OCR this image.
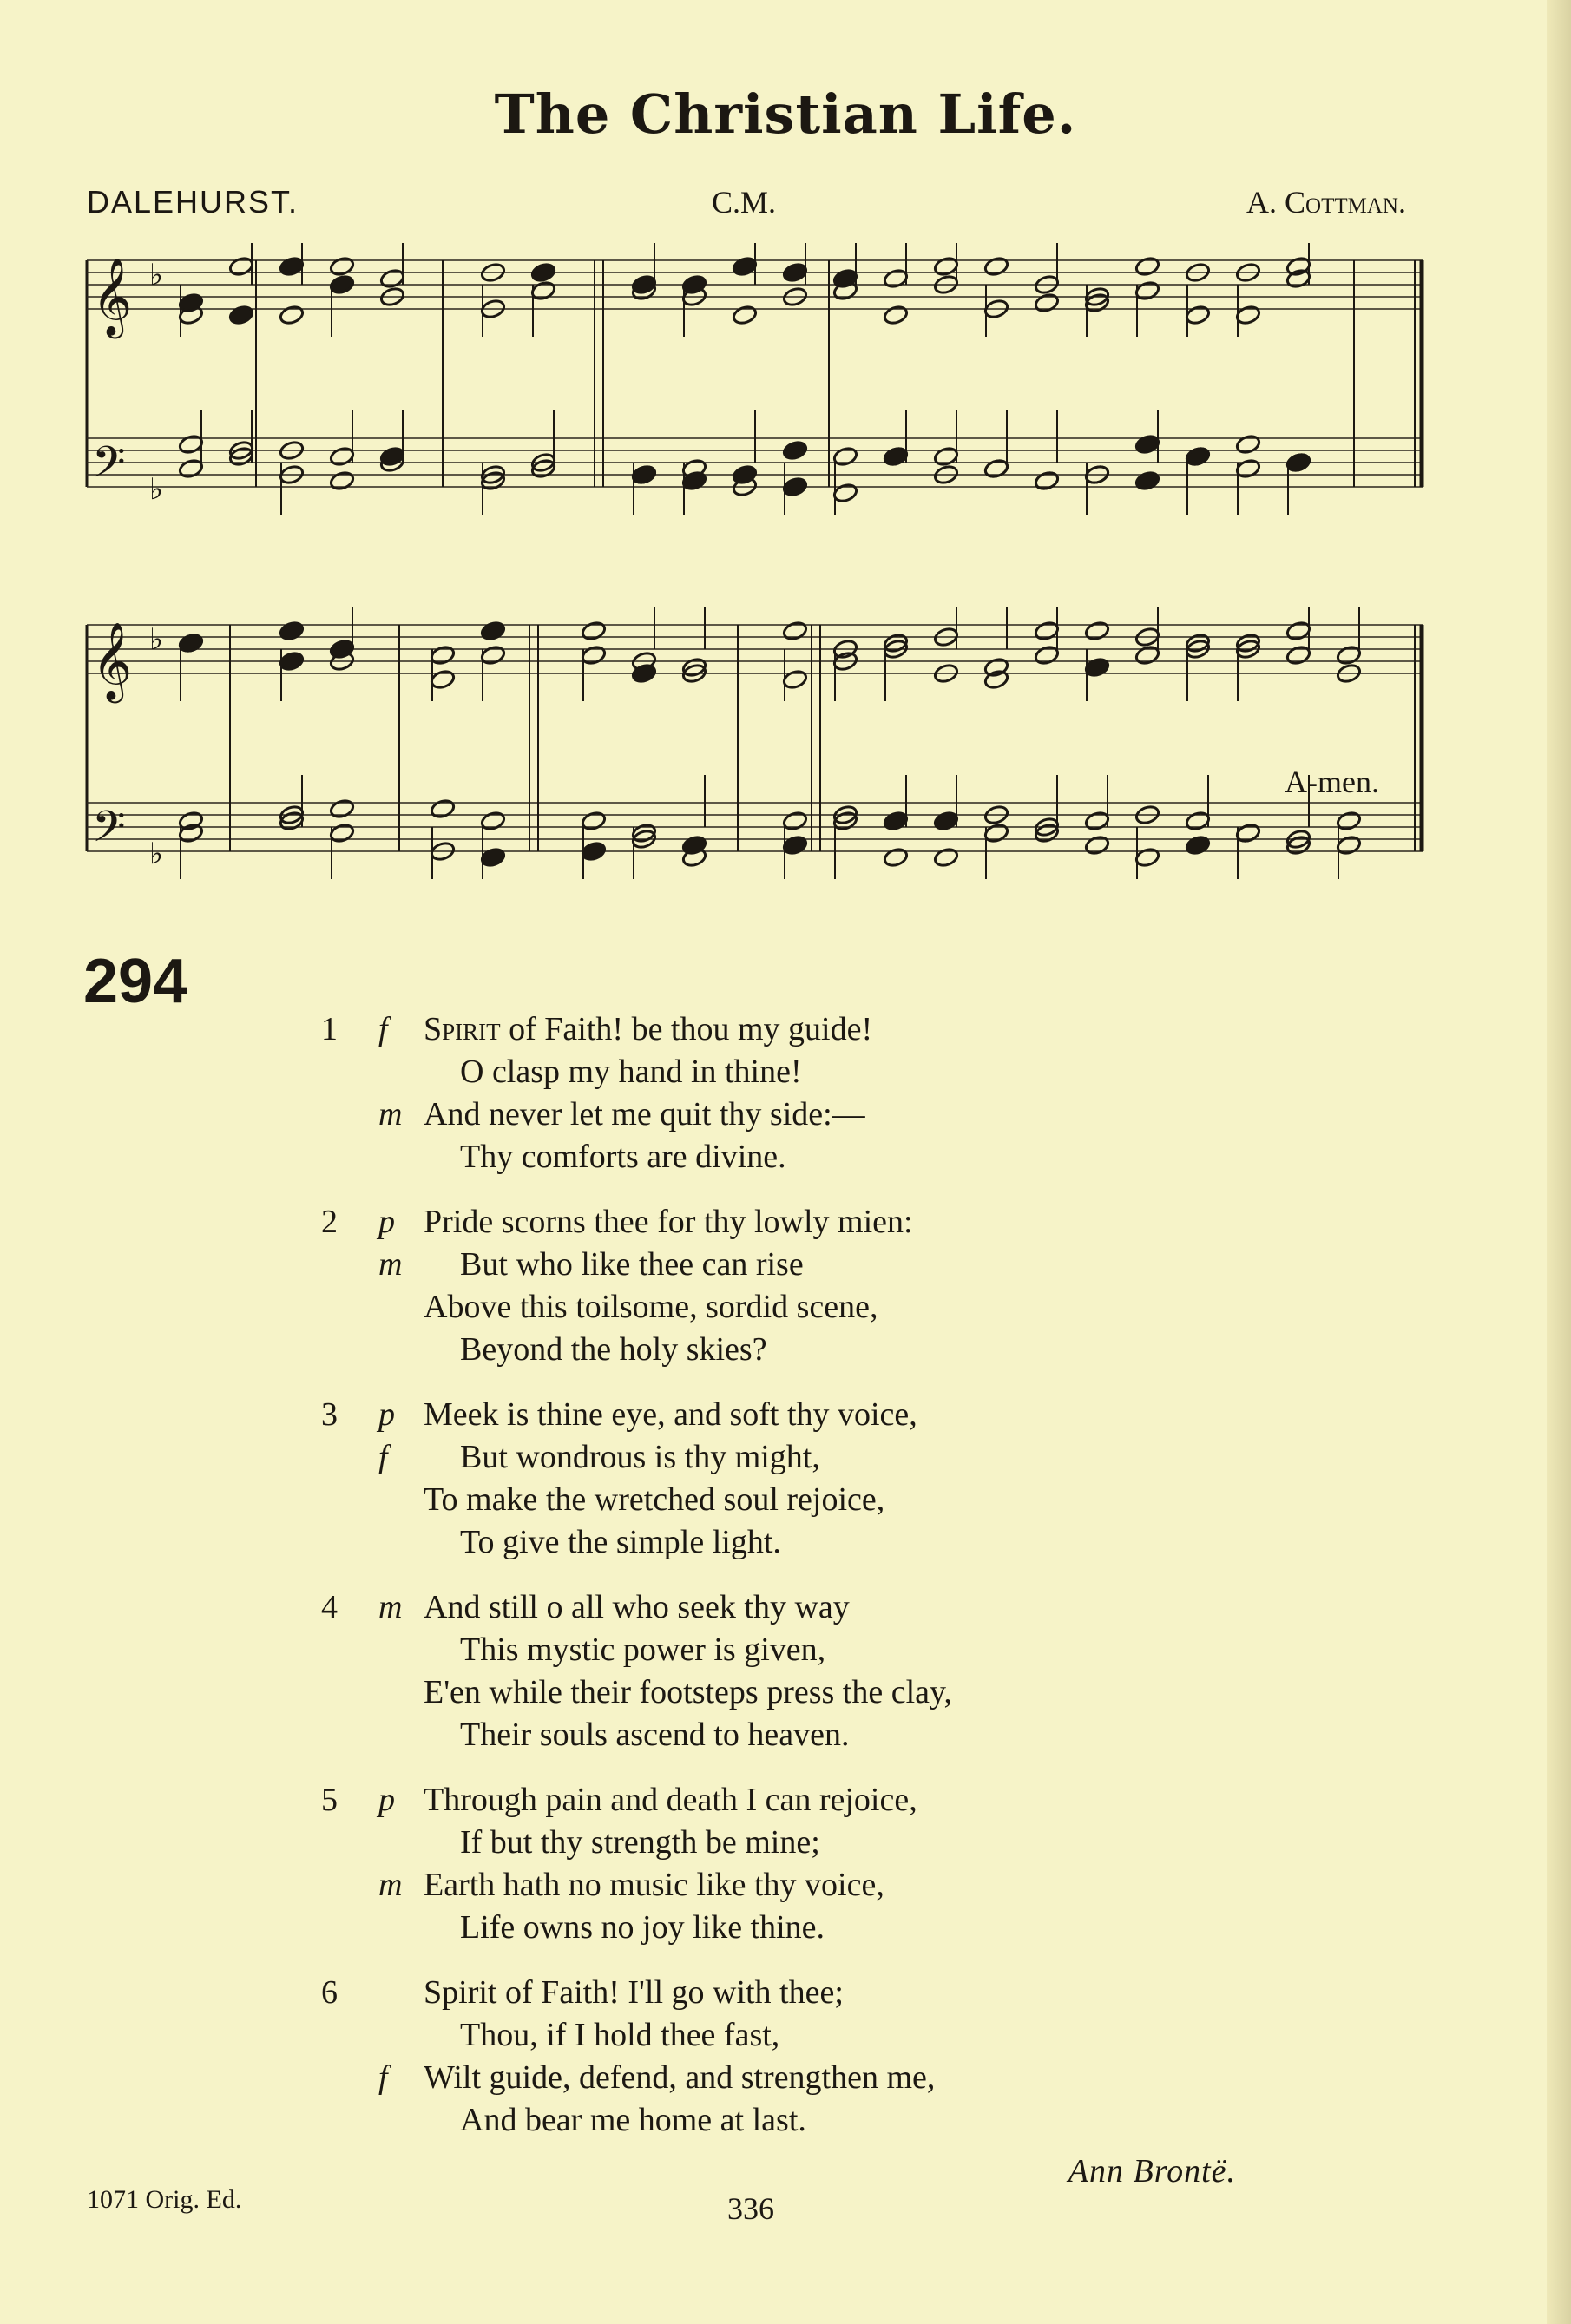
The Christian Life.
DALEHURST.	C.M.	A. Cottman.
𝄞 ♭
𝄢 ♭
𝄞 ♭
𝄢 ♭
A-men.
294
1 f Spirit of Faith! be thou my guide!
O clasp my hand in thine!
m And never let me quit thy side:—
Thy comforts are divine.
2 p Pride scorns thee for thy lowly mien:
m But who like thee can rise
Above this toilsome, sordid scene,
Beyond the holy skies?
3 p Meek is thine eye, and soft thy voice,
f But wondrous is thy might,
To make the wretched soul rejoice,
To give the simple light.
4 m And still o all who seek thy way
This mystic power is given,
E'en while their footsteps press the clay,
Their souls ascend to heaven.
5 p Through pain and death I can rejoice,
If but thy strength be mine;
m Earth hath no music like thy voice,
Life owns no joy like thine.
6	Spirit of Faith! I'll go with thee;
Thou, if I hold thee fast,
f Wilt guide, defend, and strengthen me,
And bear me home at last.
Ann Brontë.
1071 Orig. Ed.	336
